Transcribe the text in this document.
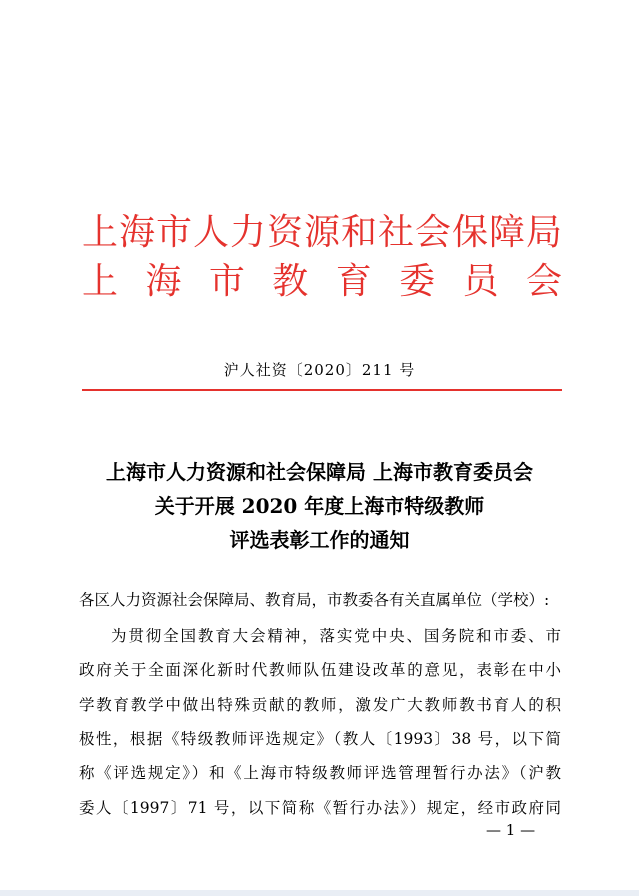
上海市人力资源和社会保障局
上 海 市 教 育 委 员 会
沪人社资〔2020〕211 号
上海市人力资源和社会保障局 上海市教育委员会
关于开展 2020 年度上海市特级教师
评选表彰工作的通知
各区人力资源社会保障局、教育局，市教委各有关直属单位（学校）:
为贯彻全国教育大会精神，落实党中央、国务院和市委、市
政府关于全面深化新时代教师队伍建设改革的意见，表彰在中小
学教育教学中做出特殊贡献的教师，激发广大教师教书育人的积
极性，根据《特级教师评选规定》（教人〔1993〕38 号，以下简
称《评选规定》）和《上海市特级教师评选管理暂行办法》（沪教
委人〔1997〕71 号，以下简称《暂行办法》）规定，经市政府同
— 1 —
